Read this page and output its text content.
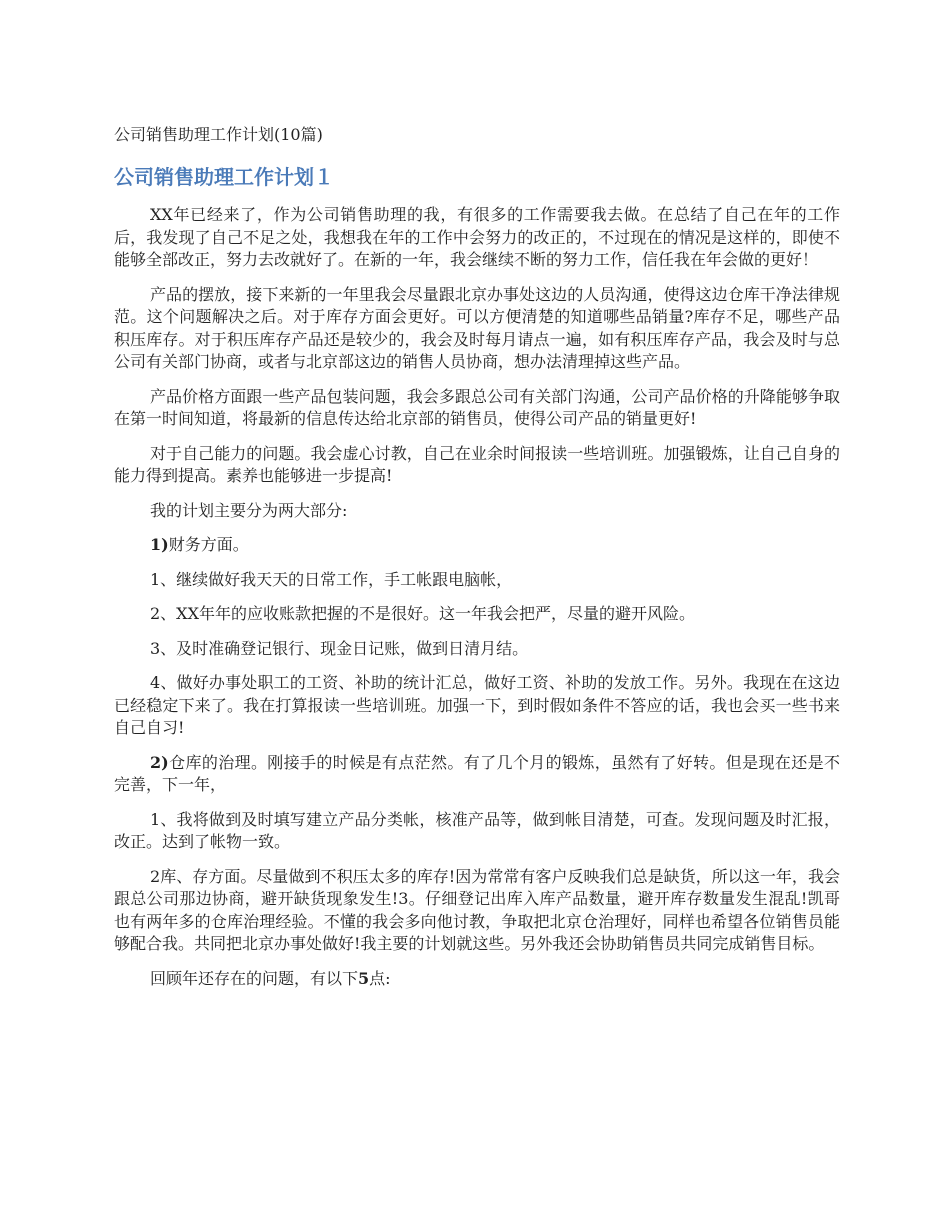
公司销售助理工作计划(10篇)
公司销售助理工作计划１

XX年已经来了，作为公司销售助理的我，有很多的工作需要我去做。在总结了自己在年的工作后，我发现了自己不足之处，我想我在年的工作中会努力的改正的，不过现在的情况是这样的，即使不能够全部改正，努力去改就好了。在新的一年，我会继续不断的努力工作，信任我在年会做的更好！

产品的摆放，接下来新的一年里我会尽量跟北京办事处这边的人员沟通，使得这边仓库干净法律规范。这个问题解决之后。对于库存方面会更好。可以方便清楚的知道哪些品销量?库存不足，哪些产品积压库存。对于积压库存产品还是较少的，我会及时每月请点一遍，如有积压库存产品，我会及时与总公司有关部门协商，或者与北京部这边的销售人员协商，想办法清理掉这些产品。

产品价格方面跟一些产品包装问题，我会多跟总公司有关部门沟通，公司产品价格的升降能够争取在第一时间知道，将最新的信息传达给北京部的销售员，使得公司产品的销量更好!

对于自己能力的问题。我会虚心讨教，自己在业余时间报读一些培训班。加强锻炼，让自己自身的能力得到提高。素养也能够进一步提高!

我的计划主要分为两大部分:

1)财务方面。

1、继续做好我天天的日常工作，手工帐跟电脑帐，

2、XX年年的应收账款把握的不是很好。这一年我会把严，尽量的避开风险。

3、及时准确登记银行、现金日记账，做到日清月结。

4、做好办事处职工的工资、补助的统计汇总，做好工资、补助的发放工作。另外。我现在在这边已经稳定下来了。我在打算报读一些培训班。加强一下，到时假如条件不答应的话，我也会买一些书来自己自习!

2)仓库的治理。刚接手的时候是有点茫然。有了几个月的锻炼，虽然有了好转。但是现在还是不完善，下一年，

1、我将做到及时填写建立产品分类帐，核准产品等，做到帐目清楚，可查。发现问题及时汇报，改正。达到了帐物一致。

2库、存方面。尽量做到不积压太多的库存!因为常常有客户反映我们总是缺货，所以这一年，我会跟总公司那边协商，避开缺货现象发生!3。仔细登记出库入库产品数量，避开库存数量发生混乱!凯哥也有两年多的仓库治理经验。不懂的我会多向他讨教，争取把北京仓治理好，同样也希望各位销售员能够配合我。共同把北京办事处做好!我主要的计划就这些。另外我还会协助销售员共同完成销售目标。

回顾年还存在的问题，有以下5点:
